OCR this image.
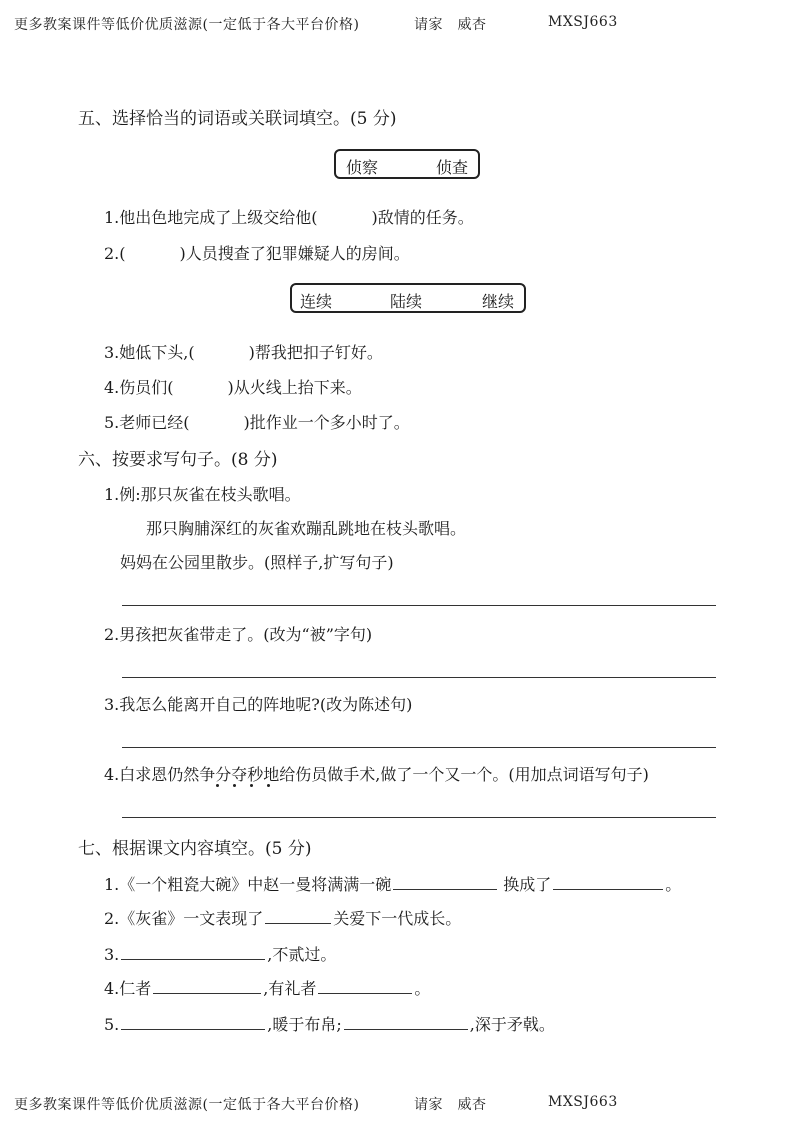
更多教案课件等低价优质滋源(一定低于各大平台价格)	请家　威杏	MXSJ663
五、选择恰当的词语或关联词填空。(5 分)
侦察	侦查
1.他出色地完成了上级交给他(	)敌情的任务。
2.(	)人员搜查了犯罪嫌疑人的房间。
连续	陆续	继续
3.她低下头,(	)帮我把扣子钉好。
4.伤员们(	)从火线上抬下来。
5.老师已经(	)批作业一个多小时了。
六、按要求写句子。(8 分)
1.例:那只灰雀在枝头歌唱。
那只胸脯深红的灰雀欢蹦乱跳地在枝头歌唱。
妈妈在公园里散步。(照样子,扩写句子)
2.男孩把灰雀带走了。(改为“被”字句)
3.我怎么能离开自己的阵地呢?(改为陈述句)
4.白求恩仍然争分夺秒地给伤员做手术,做了一个又一个。(用加点词语写句子)
七、根据课文内容填空。(5 分)
1.《一个粗瓷大碗》中赵一曼将满满一碗	换成了	。
2.《灰雀》一文表现了	关爱下一代成长。
3.	,不贰过。
4.仁者	,有礼者	。
5.	,暖于布帛;	,深于矛戟。
更多教案课件等低价优质滋源(一定低于各大平台价格)	请家　威杏	MXSJ663
